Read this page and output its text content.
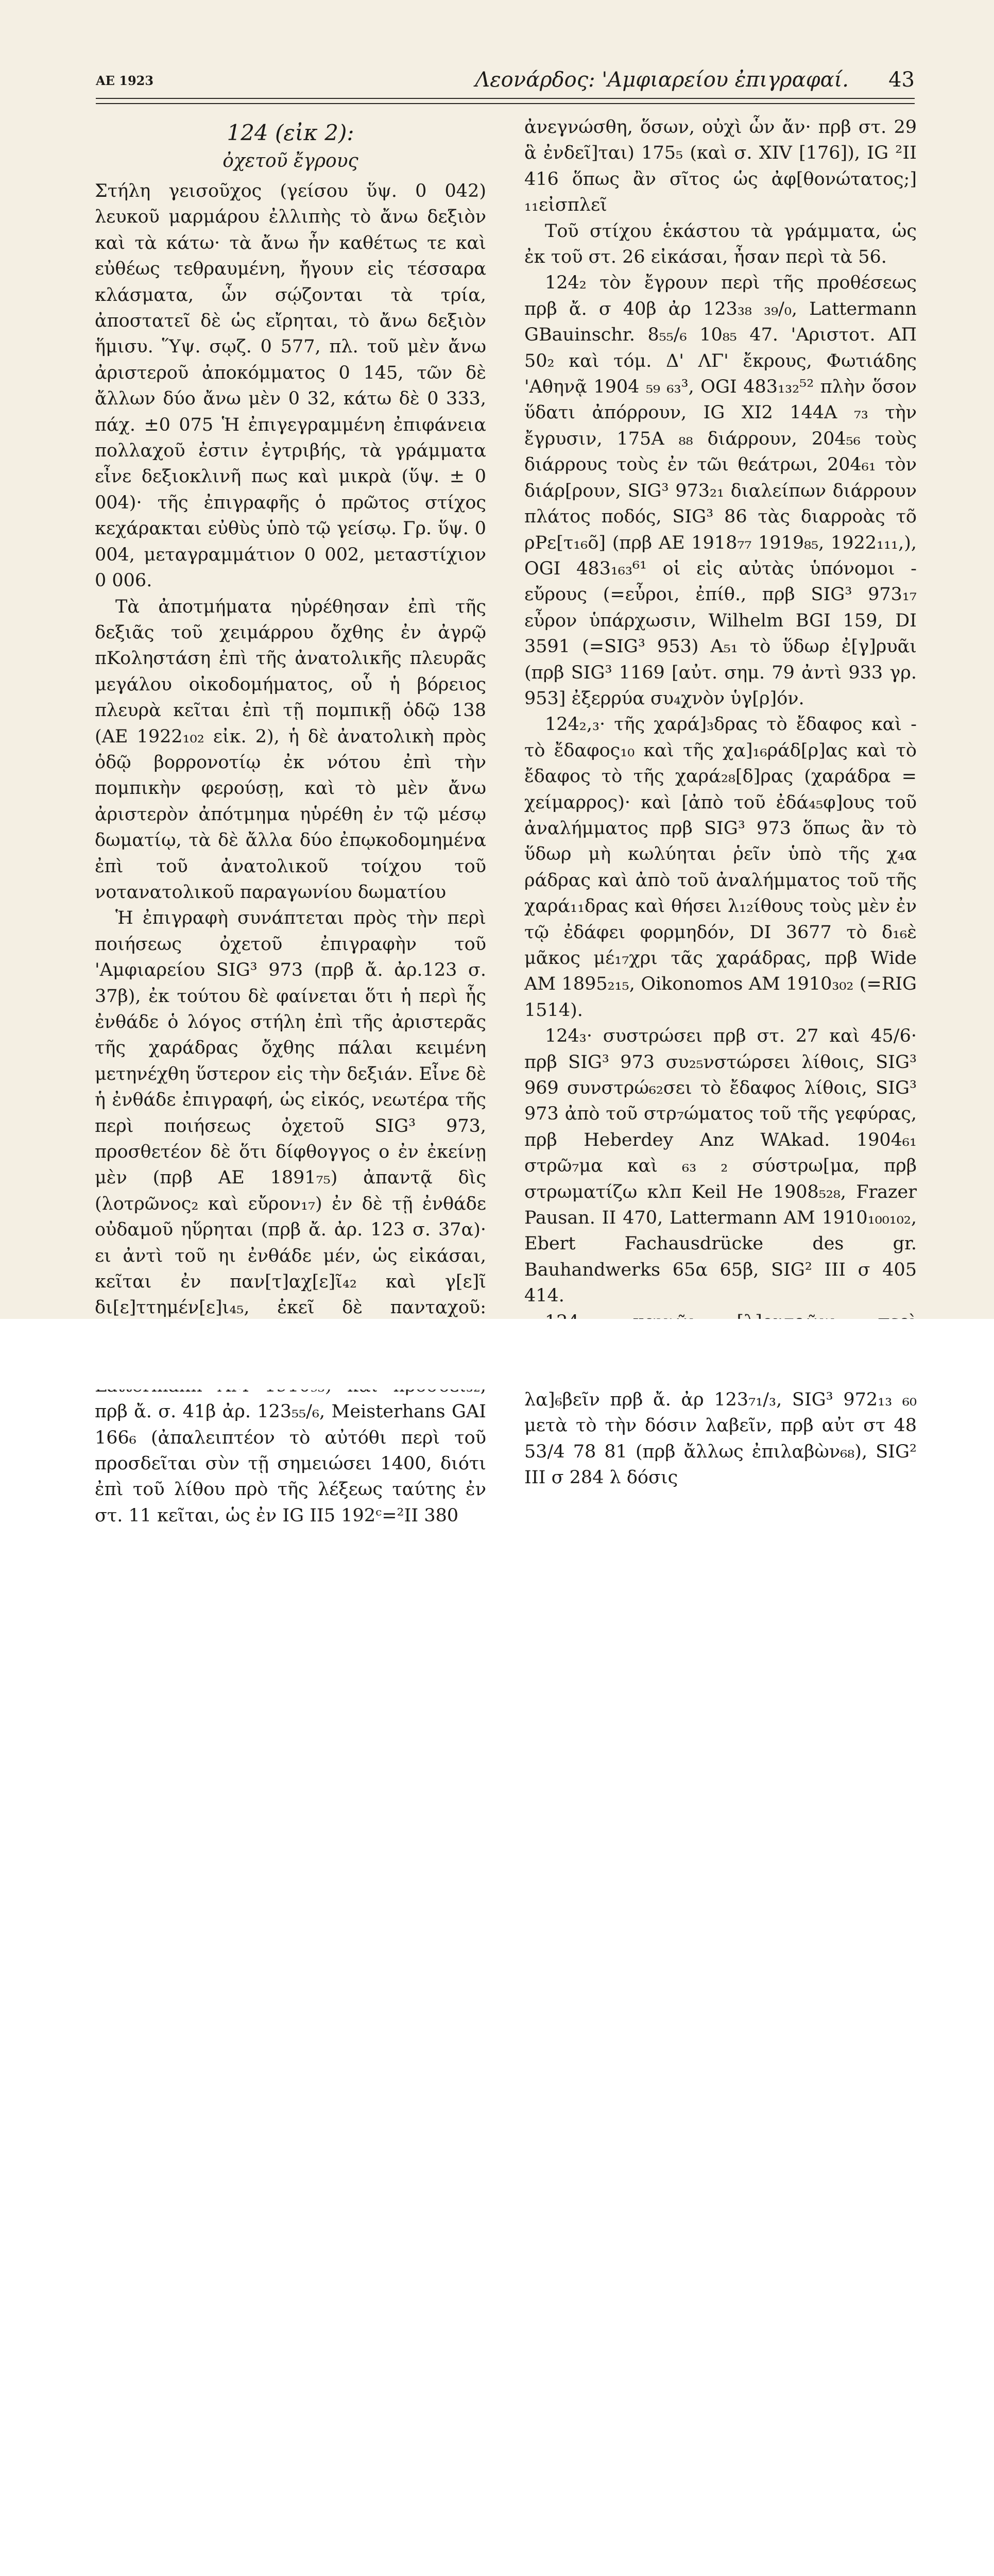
ΑΕ 1923	Λεονάρδος: 'Αμφιαρείου ἐπιγραφαί. 43
124 (εἰκ 2):
ὀχετοῦ ἔγρους

Στήλη γεισοῦχος (γείσου ὕψ. 0 042) λευκοῦ μαρμάρου ἐλλιπὴς τὸ ἄνω δεξιὸν καὶ τὰ κάτω· τὰ ἄνω ἦν καθέτως τε καὶ εὐθέως τεθραυμένη, ἤγουν εἰς τέσσαρα κλάσματα, ὧν σῴζονται τὰ τρία, ἀποστατεῖ δὲ ὡς εἴρηται, τὸ ἄνω δεξιὸν ἥμισυ. Ὕψ. σῳζ. 0 577, πλ. τοῦ μὲν ἄνω ἀριστεροῦ ἀποκόμματος 0 145, τῶν δὲ ἄλλων δύο ἄνω μὲν 0 32, κάτω δὲ 0 333, πάχ. ±0 075 Ἡ ἐπιγεγραμμένη ἐπιφάνεια πολλαχοῦ ἐστιν ἐγτριβής, τὰ γράμματα εἶνε δεξιοκλινῆ πως καὶ μικρὰ (ὕψ. ± 0 004)· τῆς ἐπιγραφῆς ὁ πρῶτος στίχος κεχάρακται εὐθὺς ὑπὸ τῷ γείσῳ. Γρ. ὕψ. 0 004, μεταγραμμάτιον 0 002, μεταστίχιον 0 006.

Τὰ ἀποτμήματα ηὑρέθησαν ἐπὶ τῆς δεξιᾶς τοῦ χειμάρρου ὄχθης ἐν ἀγρῷ πKοληστάση ἐπὶ τῆς ἀνατολικῆς πλευρᾶς μεγάλου οἰκοδομήματος, οὗ ἡ βόρειος πλευρὰ κεῖται ἐπὶ τῇ πομπικῇ ὁδῷ 138 (ΑΕ 1922₁₀₂ εἰκ. 2), ἡ δὲ ἀνατολικὴ πρὸς ὁδῷ βορρονοτίῳ ἐκ νότου ἐπὶ τὴν πομπικὴν φερούσῃ, καὶ τὸ μὲν ἄνω ἀριστερὸν ἀπότμημα ηὑρέθη ἐν τῷ μέσῳ δωματίῳ, τὰ δὲ ἄλλα δύο ἐπῳκοδομημένα ἐπὶ τοῦ ἀνατολικοῦ τοίχου τοῦ νοτανατολικοῦ παραγωνίου δωματίου

Ἡ ἐπιγραφὴ συνάπτεται πρὸς τὴν περὶ ποιήσεως ὀχετοῦ ἐπιγραφὴν τοῦ 'Αμφιαρείου SIG³ 973 (πρβ ἄ. ἀρ.123 σ. 37β), ἐκ τούτου δὲ φαίνεται ὅτι ἡ περὶ ἧς ἐνθάδε ὁ λόγος στήλη ἐπὶ τῆς ἀριστερᾶς τῆς χαράδρας ὄχθης πάλαι κειμένη μετηνέχθη ὕστερον εἰς τὴν δεξιάν. Εἶνε δὲ ἡ ἐνθάδε ἐπιγραφή, ὡς εἰκός, νεωτέρα τῆς περὶ ποιήσεως ὀχετοῦ SIG³ 973, προσθετέον δὲ ὅτι δίφθογγος ο ἐν ἐκείνῃ μὲν (πρβ ΑΕ 1891₇₅) ἀπαντᾷ δὶς (λοτρῶνος₂ καὶ εὔρον₁₇) ἐν δὲ τῇ ἐνθάδε οὐδαμοῦ ηὕρηται (πρβ ἄ. ἀρ. 123 σ. 37α)· ει ἀντὶ τοῦ ηι ἐνθάδε μέν, ὡς εἰκάσαι, κεῖται ἐν παν[τ]αχ[ε]ῖ₄₂ καὶ γ[ε]ῖ δι[ε]ττημέν[ε]ι₄₅, ἐκεῖ δὲ πανταχοῦ: πρβ ἄ. σ. 41β ἀρ. 123₅₅/₆, Meisterhans GAI 166₆ (ἀπαλειπτέον τὸ αὐτόθι περὶ τοῦ προσδεῖται σὺν τῇ σημειώσει 1400, διότι ἐπὶ τοῦ λίθου πρὸ τῆς λέξεως ταύτης ἐν στ. 11 κεῖται, ὡς ἐν IG II5 192ᶜ=²II 380

ἀνεγνώσθη, ὅσων, οὐχὶ ὧν ἄν· πρβ στ. 29 ἃ ἐνδεῖ]ται) 175₅ (καὶ σ. XIV [176]), IG ²II 416 ὅπως ἂν σῖτος ὡς ἀφ[θονώτατος;] ₁₁εἰσπλεῖ

Τοῦ στίχου ἑκάστου τὰ γράμματα, ὡς ἐκ τοῦ στ. 26 εἰκάσαι, ἦσαν περὶ τὰ 56.

124₂ τὸν ἔγρουν περὶ τῆς προθέσεως πρβ ἄ. σ 40β ἀρ 123₃₈ ₃₉/₀, Lattermann GBauinschr. 8₅₅/₆ 10₈₅ 47. 'Αριστοτ. ΑΠ 50₂ καὶ τόμ. Δ' ΛΓ' ἔκρους, Φωτιάδης 'Αθηνᾷ 1904 ₅₉ ₆₃³, OGI 483₁₃₂⁵² πλὴν ὅσον ὕδατι ἀπόρρουν, IG XI2 144Α ₇₃ τὴν ἔγρυσιν, 175Α ₈₈ διάρρουν, 204₅₆ τοὺς διάρρους τοὺς ἐν τῶι θεάτρωι, 204₆₁ τὸν διάρ[ρουν, SIG³ 973₂₁ διαλείπων διάρρουν πλάτος ποδός, SIG³ 86 τὰς διαρροὰς τõ ρΡε[τ₁₆õ] (πρβ ΑΕ 1918₇₇ 1919₈₅, 1922₁₁₁,), OGI 483₁₆₃⁶¹ οἱ εἰς αὐτὰς ὑπόνομοι - εὔρους (=εὖροι, ἐπίθ., πρβ SIG³ 973₁₇ εὖρον ὑπάρχωσιν, Wilhelm BGI 159, DI 3591 (=SIG³ 953) Α₅₁ τὸ ὕδωρ ἐ[γ]ρυᾶι (πρβ SIG³ 1169 [αὐτ. σημ. 79 ἀντὶ 933 γρ. 953] ἐξερρύα συ₄χνὸν ὑγ[ρ]όν.

124₂,₃· τῆς χαρά]₃δρας τὸ ἔδαφος καὶ - τὸ ἔδαφος₁₀ καὶ τῆς χα]₁₆ράδ[ρ]ας καὶ τὸ ἔδαφος τὸ τῆς χαρά₂₈[δ]ρας (χαράδρα = χείμαρρος)· καὶ [ἀπὸ τοῦ ἐδά₄₅φ]ους τοῦ ἀναλήμματος πρβ SIG³ 973 ὅπως ἂν τὸ ὕδωρ μὴ κωλύηται ῥεῖν ὑπὸ τῆς χ₄α ράδρας καὶ ἀπὸ τοῦ ἀναλήμματος τοῦ τῆς χαρά₁₁δρας καὶ θήσει λ₁₂ίθους τοὺς μὲν ἐν τῷ ἐδάφει φορμηδόν, DI 3677 τὸ δ₁₆ὲ μᾶκος μέ₁₇χρι τᾶς χαράδρας, πρβ Wide ΑΜ 1895₂₁₅, Oikonomos ΑΜ 1910₃₀₂ (=RIG 1514).

124₃· συστρώσει πρβ στ. 27 καὶ 45/6· πρβ SIG³ 973 συ₂₅νστώρσει λίθοις, SIG³ 969 συνστρώ₆₂σει τὸ ἔδαφος λίθοις, SIG³ 973 ἀπὸ τοῦ στρ₇ώματος τοῦ τῆς γεφύρας, πρβ Heberdey Anz WAkad. 1904₆₁ στρῶ₇μα καὶ ₆₃ ₂ σύστρω[μα, πρβ στρωματίζω κλπ Keil He 1908₅₂₈, Frazer Pausan. II 470, Lattermann ΑΜ 1910₁₀₀₁₀₂, Ebert Fachausdrücke des gr. Bauhandwerks 65α 65β, SIG² III σ 405 414.

λα]₆βεῖν πρβ ἄ. ἀρ 123₇₁/₃, SIG³ 972₁₃ ₆₀ μετὰ τὸ τὴν δόσιν λαβεῖν, πρβ αὐτ στ 48 53/4 78 81 (πρβ ἄλλως ἐπιλαβὼν₆₈), SIG² III σ 284 λ δόσις
